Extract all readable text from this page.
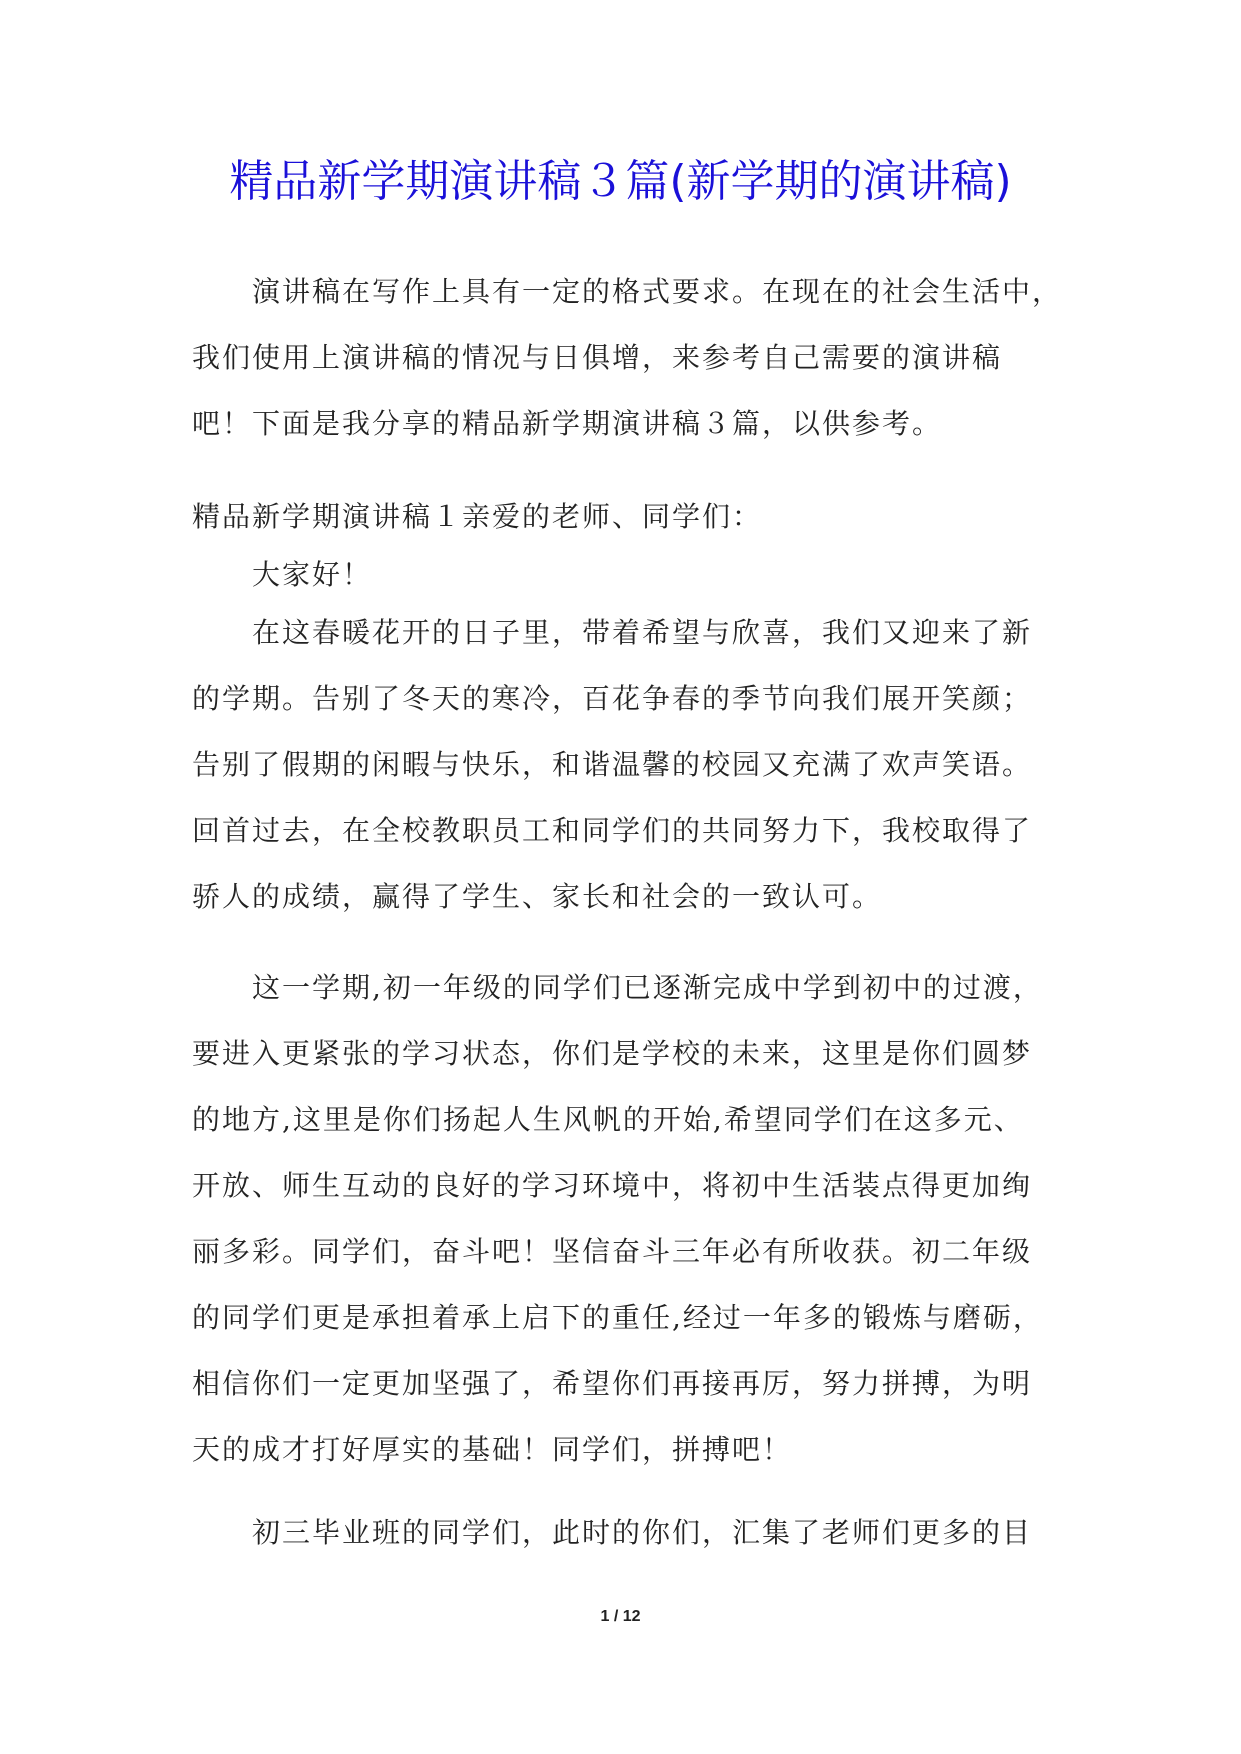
精品新学期演讲稿３篇(新学期的演讲稿)

演讲稿在写作上具有一定的格式要求。在现在的社会生活中，

我们使用上演讲稿的情况与日俱增，来参考自己需要的演讲稿

吧！下面是我分享的精品新学期演讲稿３篇，以供参考。

精品新学期演讲稿１亲爱的老师、同学们：

大家好！

在这春暖花开的日子里，带着希望与欣喜，我们又迎来了新

的学期。告别了冬天的寒冷，百花争春的季节向我们展开笑颜；

告别了假期的闲暇与快乐，和谐温馨的校园又充满了欢声笑语。

回首过去，在全校教职员工和同学们的共同努力下，我校取得了

骄人的成绩，赢得了学生、家长和社会的一致认可。

这一学期,初一年级的同学们已逐渐完成中学到初中的过渡，

要进入更紧张的学习状态，你们是学校的未来，这里是你们圆梦

的地方,这里是你们扬起人生风帆的开始,希望同学们在这多元、

开放、师生互动的良好的学习环境中，将初中生活装点得更加绚

丽多彩。同学们，奋斗吧！坚信奋斗三年必有所收获。初二年级

的同学们更是承担着承上启下的重任,经过一年多的锻炼与磨砺，

相信你们一定更加坚强了，希望你们再接再厉，努力拼搏，为明

天的成才打好厚实的基础！同学们，拼搏吧！

初三毕业班的同学们，此时的你们，汇集了老师们更多的目

1 / 12
